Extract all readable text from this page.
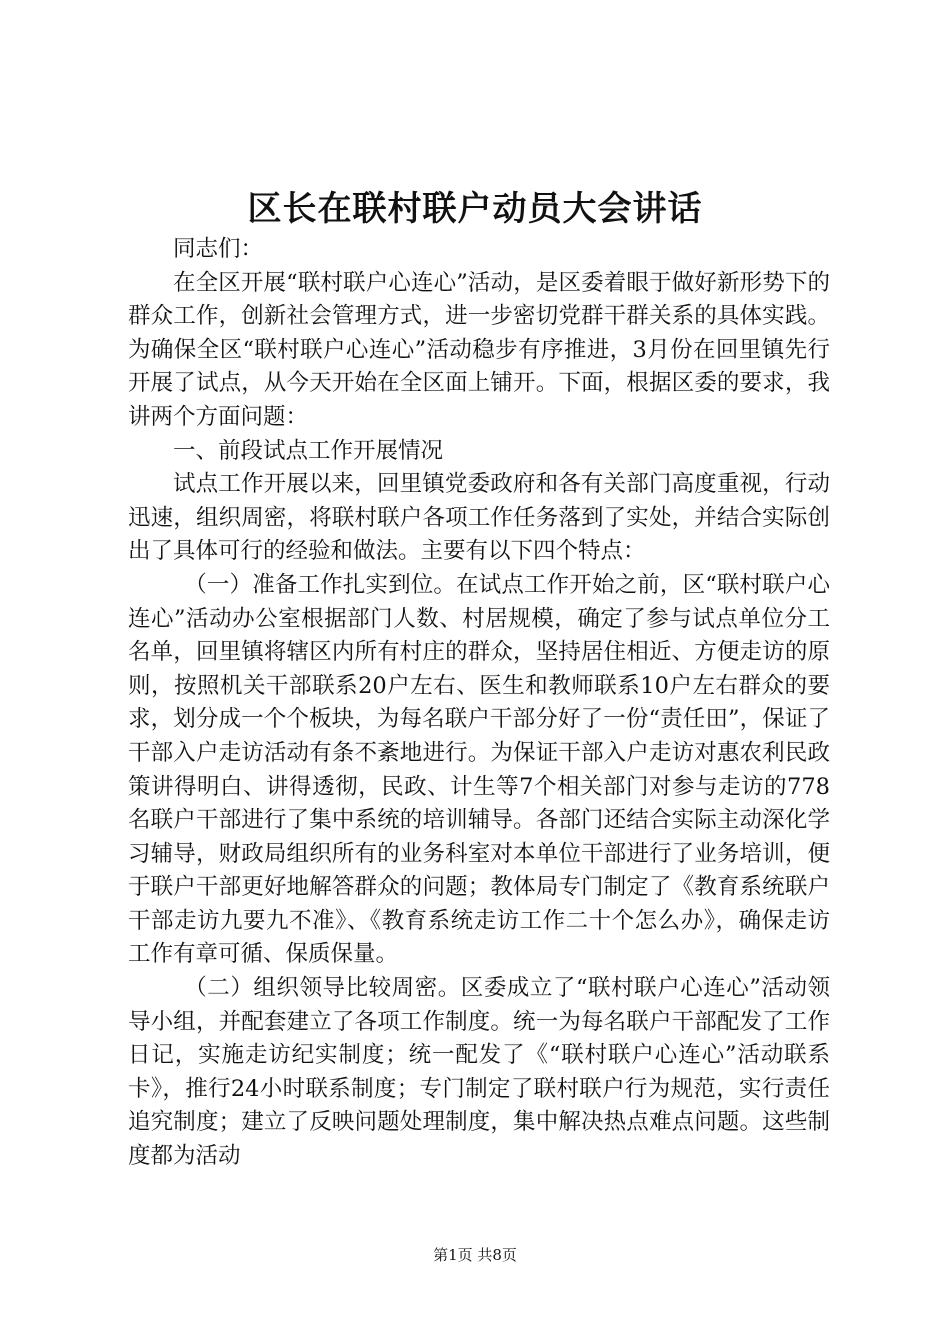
区长在联村联户动员大会讲话

同志们：

在全区开展“联村联户心连心”活动，是区委着眼于做好新形势下的群众工作，创新社会管理方式，进一步密切党群干群关系的具体实践。为确保全区“联村联户心连心”活动稳步有序推进，3月份在回里镇先行开展了试点，从今天开始在全区面上铺开。下面，根据区委的要求，我讲两个方面问题：

一、前段试点工作开展情况

试点工作开展以来，回里镇党委政府和各有关部门高度重视，行动迅速，组织周密，将联村联户各项工作任务落到了实处，并结合实际创出了具体可行的经验和做法。主要有以下四个特点：

（一）准备工作扎实到位。在试点工作开始之前，区“联村联户心连心”活动办公室根据部门人数、村居规模，确定了参与试点单位分工名单，回里镇将辖区内所有村庄的群众，坚持居住相近、方便走访的原则，按照机关干部联系20户左右、医生和教师联系10户左右群众的要求，划分成一个个板块，为每名联户干部分好了一份“责任田”，保证了干部入户走访活动有条不紊地进行。为保证干部入户走访对惠农利民政策讲得明白、讲得透彻，民政、计生等7个相关部门对参与走访的778名联户干部进行了集中系统的培训辅导。各部门还结合实际主动深化学习辅导，财政局组织所有的业务科室对本单位干部进行了业务培训，便于联户干部更好地解答群众的问题；教体局专门制定了《教育系统联户干部走访九要九不准》、《教育系统走访工作二十个怎么办》，确保走访工作有章可循、保质保量。

（二）组织领导比较周密。区委成立了“联村联户心连心”活动领导小组，并配套建立了各项工作制度。统一为每名联户干部配发了工作日记，实施走访纪实制度；统一配发了《“联村联户心连心”活动联系卡》，推行24小时联系制度；专门制定了联村联户行为规范，实行责任追究制度；建立了反映问题处理制度，集中解决热点难点问题。这些制度都为活动

第1页 共8页
